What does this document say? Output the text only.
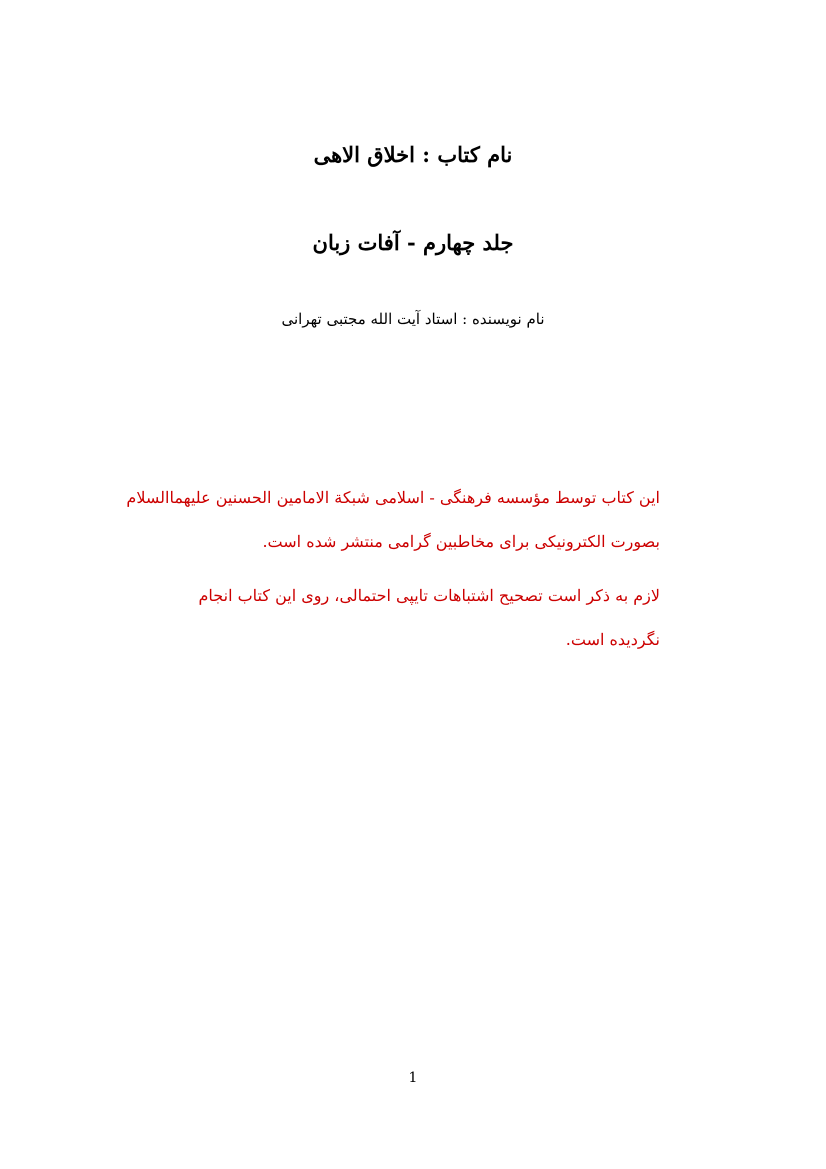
نام کتاب : اخلاق الاهی
جلد چهارم - آفات زبان
نام نویسنده : استاد آیت الله مجتبی تهرانی

این کتاب توسط مؤسسه فرهنگی - اسلامی شبکة الامامین الحسنین علیهما‌السلام

بصورت الکترونیکی برای مخاطبین گرامی منتشر شده است.

لازم به ذکر است تصحیح اشتباهات تایپی احتمالی، روی این کتاب انجام

نگردیده است.

1
